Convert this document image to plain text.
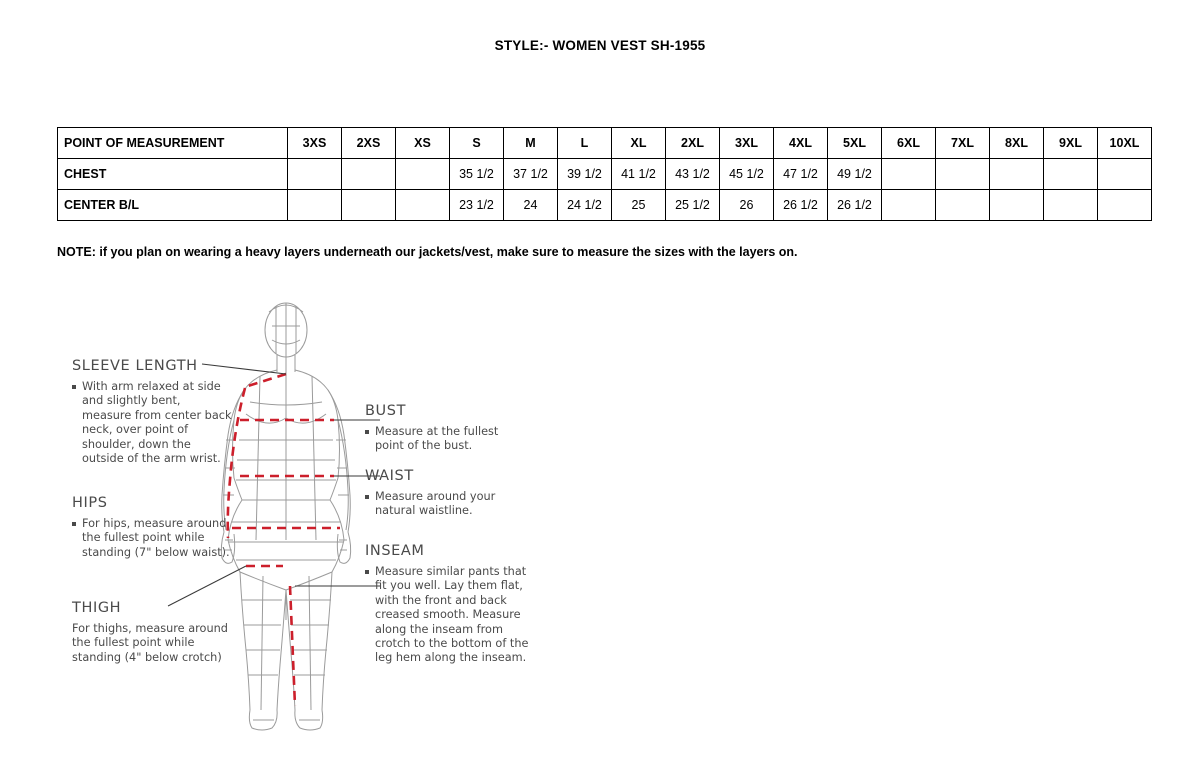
STYLE:- WOMEN VEST SH-1955
POINT OF MEASUREMENT	3XS	2XS	XS	S	M	L	XL	2XL	3XL	4XL	5XL	6XL	7XL	8XL	9XL	10XL
CHEST				35 1/2	37 1/2	39 1/2	41 1/2	43 1/2	45 1/2	47 1/2	49 1/2					
CENTER B/L				23 1/2	24	24 1/2	25	25 1/2	26	26 1/2	26 1/2					
NOTE: if you plan on wearing a heavy layers underneath our jackets/vest, make sure to measure the sizes with the layers on.
SLEEVE LENGTH
With arm relaxed at side and slightly bent, measure from center back neck, over point of shoulder, down the outside of the arm wrist.
HIPS
For hips, measure around the fullest point while standing (7" below waist).
THIGH
For thighs, measure around the fullest point while standing (4" below crotch)
BUST
Measure at the fullest point of the bust.
WAIST
Measure around your natural waistline.
INSEAM
Measure similar pants that fit you well. Lay them flat, with the front and back creased smooth. Measure along the inseam from crotch to the bottom of the leg hem along the inseam.
